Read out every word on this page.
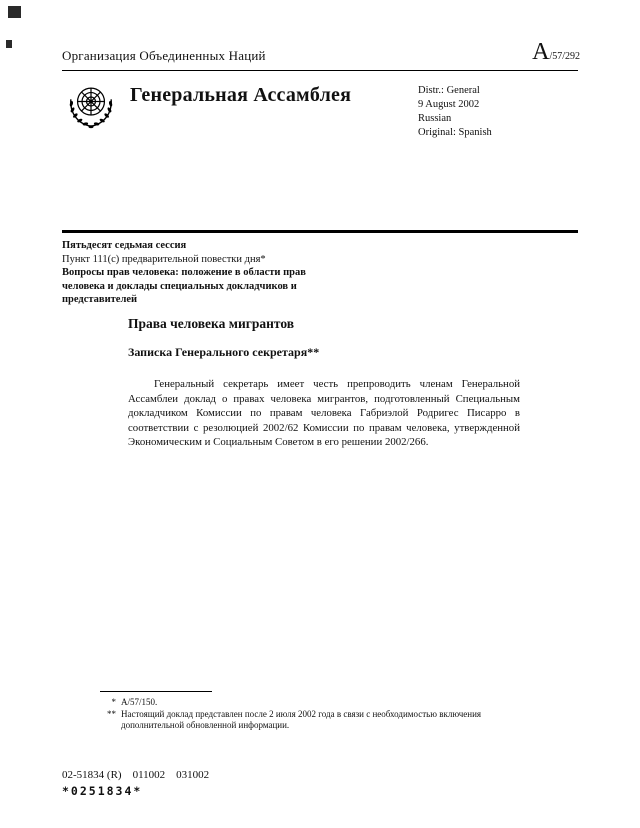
Организация Объединенных Наций	A /57/292
Генеральная Ассамблея	Distr.: General
9 August 2002
Russian
Original: Spanish
Пятьдесят седьмая сессия
Пункт 111(c) предварительной повестки дня*
Вопросы прав человека: положение в области прав человека и доклады специальных докладчиков и представителей
Права человека мигрантов
Записка Генерального секретаря**
Генеральный секретарь имеет честь препроводить членам Генеральной Ассамблеи доклад о правах человека мигрантов, подготовленный Специальным докладчиком Комиссии по правам человека Габриэлой Родригес Писарро в соответствии с резолюцией 2002/62 Комиссии по правам человека, утвержденной Экономическим и Социальным Советом в его решении 2002/266.
* A/57/150.
** Настоящий доклад представлен после 2 июля 2002 года в связи с необходимостью включения дополнительной обновленной информации.
02-51834 (R)    011002    031002
*0251834*
